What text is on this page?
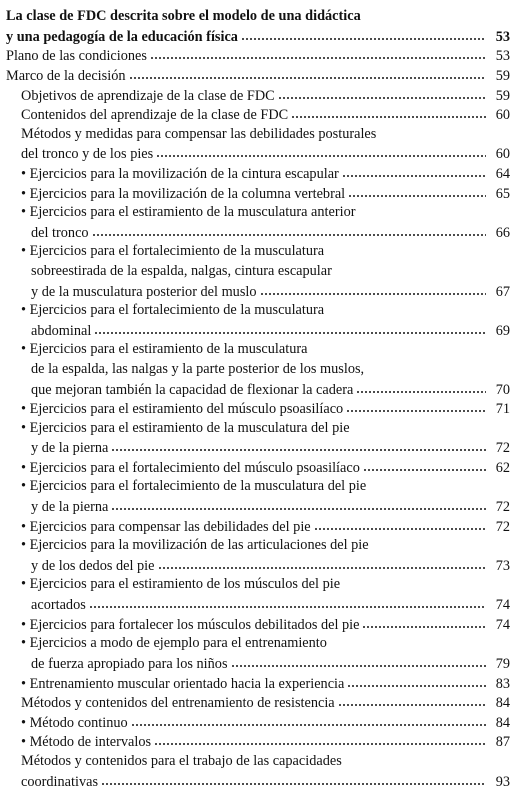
La clase de FDC descrita sobre el modelo de una didáctica
y una pedagogía de la educación física	53
Plano de las condiciones	53
Marco de la decisión	59
Objetivos de aprendizaje de la clase de FDC	59
Contenidos del aprendizaje de la clase de FDC	60
Métodos y medidas para compensar las debilidades posturales
del tronco y de los pies	60
• Ejercicios para la movilización de la cintura escapular	64
• Ejercicios para la movilización de la columna vertebral	65
• Ejercicios para el estiramiento de la musculatura anterior
del tronco	66
• Ejercicios para el fortalecimiento de la musculatura
sobreestirada de la espalda, nalgas, cintura escapular
y de la musculatura posterior del muslo	67
• Ejercicios para el fortalecimiento de la musculatura
abdominal	69
• Ejercicios para el estiramiento de la musculatura
de la espalda, las nalgas y la parte posterior de los muslos,
que mejoran también la capacidad de flexionar la cadera	70
• Ejercicios para el estiramiento del músculo psoasilíaco	71
• Ejercicios para el estiramiento de la musculatura del pie
y de la pierna	72
• Ejercicios para el fortalecimiento del músculo psoasilíaco	62
• Ejercicios para el fortalecimiento de la musculatura del pie
y de la pierna	72
• Ejercicios para compensar las debilidades del pie	72
• Ejercicios para la movilización de las articulaciones del pie
y de los dedos del pie	73
• Ejercicios para el estiramiento de los músculos del pie
acortados	74
• Ejercicios para fortalecer los músculos debilitados del pie	74
• Ejercicios a modo de ejemplo para el entrenamiento
de fuerza apropiado para los niños	79
• Entrenamiento muscular orientado hacia la experiencia	83
Métodos y contenidos del entrenamiento de resistencia	84
• Método continuo	84
• Método de intervalos	87
Métodos y contenidos para el trabajo de las capacidades
coordinativas	93
